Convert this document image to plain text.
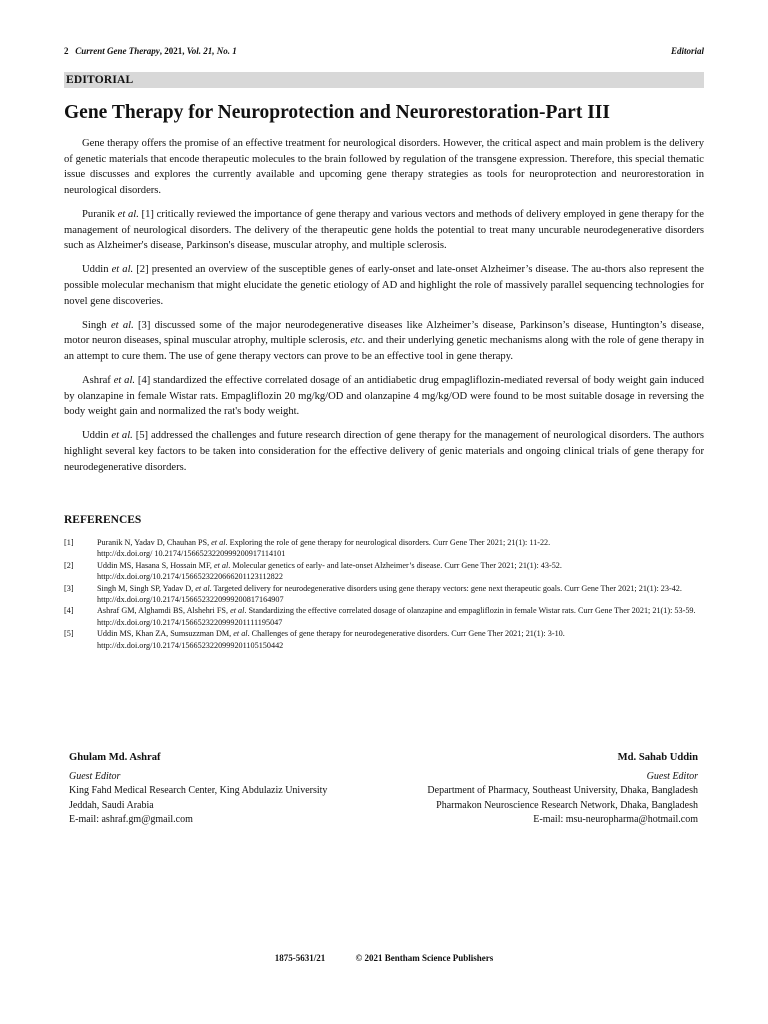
2 Current Gene Therapy, 2021, Vol. 21, No. 1	Editorial
EDITORIAL
Gene Therapy for Neuroprotection and Neurorestoration-Part III

Gene therapy offers the promise of an effective treatment for neurological disorders. However, the critical aspect and main problem is the delivery of genetic materials that encode therapeutic molecules to the brain followed by regulation of the transgene expression. Therefore, this special thematic issue discusses and explores the currently available and upcoming gene therapy strategies as tools for neuroprotection and neurorestoration in neurological disorders.

Puranik et al. [1] critically reviewed the importance of gene therapy and various vectors and methods of delivery employed in gene therapy for the management of neurological disorders. The delivery of the therapeutic gene holds the potential to treat many uncurable neurodegenerative disorders such as Alzheimer's disease, Parkinson's disease, muscular atrophy, and multiple sclerosis.

Uddin et al. [2] presented an overview of the susceptible genes of early-onset and late-onset Alzheimer’s disease. The au-thors also represent the possible molecular mechanism that might elucidate the genetic etiology of AD and highlight the role of massively parallel sequencing technologies for novel gene discoveries.

Singh et al. [3] discussed some of the major neurodegenerative diseases like Alzheimer’s disease, Parkinson’s disease, Huntington’s disease, motor neuron diseases, spinal muscular atrophy, multiple sclerosis, etc. and their underlying genetic mechanisms along with the role of gene therapy in an attempt to cure them. The use of gene therapy vectors can prove to be an effective tool in gene therapy.

Ashraf et al. [4] standardized the effective correlated dosage of an antidiabetic drug empagliflozin-mediated reversal of body weight gain induced by olanzapine in female Wistar rats. Empagliflozin 20 mg/kg/OD and olanzapine 4 mg/kg/OD were found to be most suitable dosage in reversing the body weight gain and normalized the rat's body weight.

Uddin et al. [5] addressed the challenges and future research direction of gene therapy for the management of neurological disorders. The authors highlight several key factors to be taken into consideration for the effective delivery of genic materials and ongoing clinical trials of gene therapy for neurodegenerative disorders.

REFERENCES
[1]	Puranik N, Yadav D, Chauhan PS, et al. Exploring the role of gene therapy for neurological disorders. Curr Gene Ther 2021; 21(1): 11-22.
http://dx.doi.org/ 10.2174/1566523220999200917114101
[2]	Uddin MS, Hasana S, Hossain MF, et al. Molecular genetics of early- and late-onset Alzheimer’s disease. Curr Gene Ther 2021; 21(1): 43-52.
http://dx.doi.org/10.2174/1566523220666201123112822
[3]	Singh M, Singh SP, Yadav D, et al. Targeted delivery for neurodegenerative disorders using gene therapy vectors: gene next therapeutic goals. Curr Gene Ther 2021; 21(1): 23-42.
http://dx.doi.org/10.2174/1566523220999200817164907
[4]	Ashraf GM, Alghamdi BS, Alshehri FS, et al. Standardizing the effective correlated dosage of olanzapine and empagliflozin in female Wistar rats. Curr Gene Ther 2021; 21(1): 53-59.
http://dx.doi.org/10.2174/1566523220999201111195047
[5]	Uddin MS, Khan ZA, Sumsuzzman DM, et al. Challenges of gene therapy for neurodegenerative disorders. Curr Gene Ther 2021; 21(1): 3-10.
http://dx.doi.org/10.2174/1566523220999201105150442
Ghulam Md. Ashraf
Guest Editor
King Fahd Medical Research Center, King Abdulaziz University
Jeddah, Saudi Arabia
E-mail: ashraf.gm@gmail.com
Md. Sahab Uddin
Guest Editor
Department of Pharmacy, Southeast University, Dhaka, Bangladesh
Pharmakon Neuroscience Research Network, Dhaka, Bangladesh
E-mail: msu-neuropharma@hotmail.com
1875-5631/21	© 2021 Bentham Science Publishers
